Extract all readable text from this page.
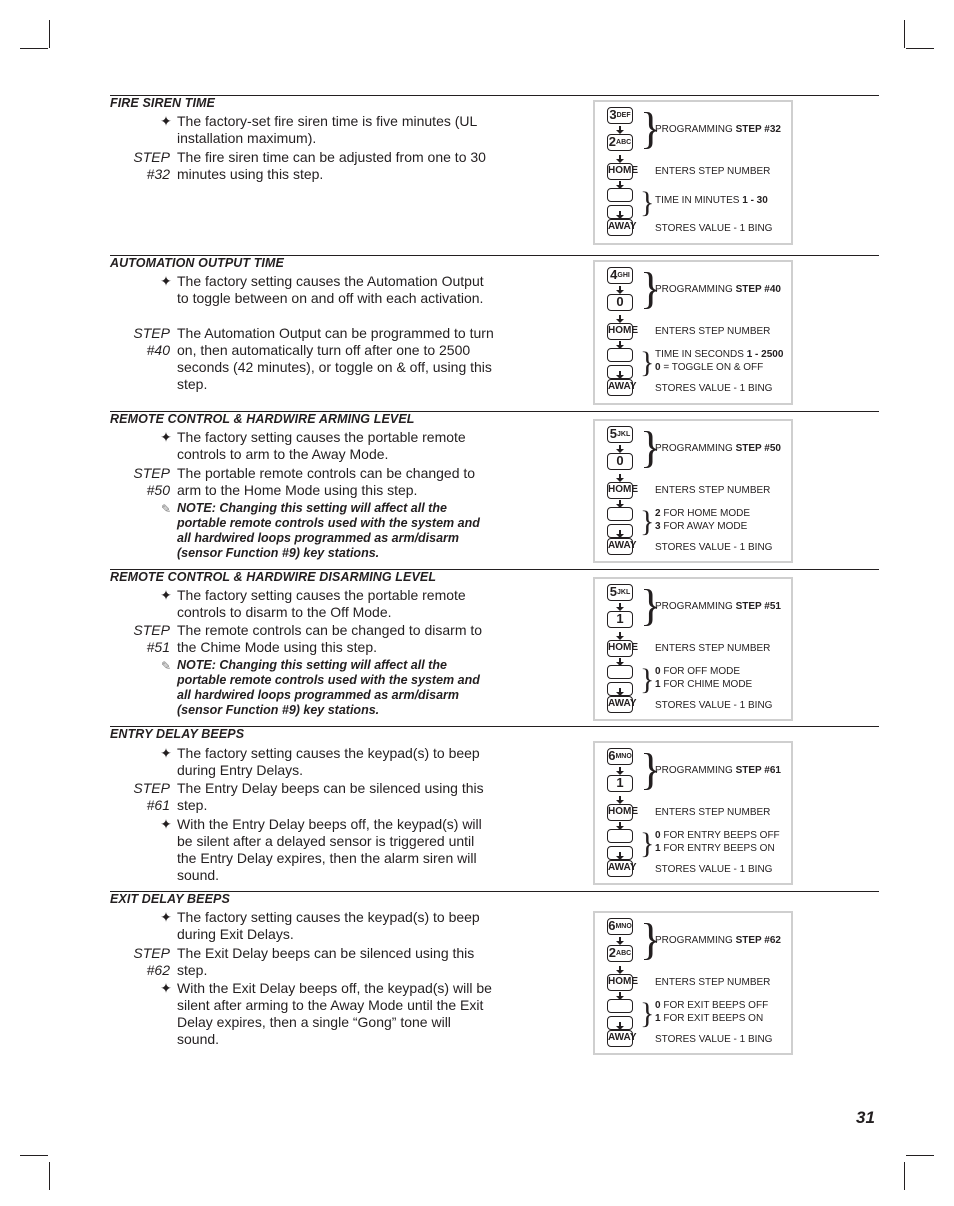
FIRE SIREN TIME
✦ The factory-set fire siren time is five minutes (UL installation maximum).
STEP #32
The fire siren time can be adjusted from one to 30 minutes using this step.
$3^{DEF}$
$2^{ABC}$
HOME
AWAY
}
}
PROGRAMMING STEP #32
ENTERS STEP NUMBER
TIME IN MINUTES 1 - 30
STORES VALUE - 1 BING
AUTOMATION OUTPUT TIME
✦ The factory setting causes the Automation Output to toggle between on and off with each activation.
STEP #40
The Automation Output can be programmed to turn on, then automatically turn off after one to 2500 seconds (42 minutes), or toggle on & off, using this step.
$4^{GHI}$
0
HOME
AWAY
}
}
PROGRAMMING STEP #40
ENTERS STEP NUMBER
TIME IN SECONDS 1 - 2500
0 = TOGGLE ON & OFF
STORES VALUE - 1 BING
REMOTE CONTROL & HARDWIRE ARMING LEVEL
✦ The factory setting causes the portable remote controls to arm to the Away Mode.
STEP #50
The portable remote controls can be changed to arm to the Home Mode using this step.
✎ NOTE: Changing this setting will affect all the portable remote controls used with the system and all hardwired loops programmed as arm/disarm (sensor Function #9) key stations.
$5^{JKL}$
0
HOME
AWAY
}
}
PROGRAMMING STEP #50
ENTERS STEP NUMBER
2 FOR HOME MODE
3 FOR AWAY MODE
STORES VALUE - 1 BING
REMOTE CONTROL & HARDWIRE DISARMING LEVEL
✦ The factory setting causes the portable remote controls to disarm to the Off Mode.
STEP #51
The remote controls can be changed to disarm to the Chime Mode using this step.
✎ NOTE: Changing this setting will affect all the portable remote controls used with the system and all hardwired loops programmed as arm/disarm (sensor Function #9) key stations.
$5^{JKL}$
1
HOME
AWAY
}
}
PROGRAMMING STEP #51
ENTERS STEP NUMBER
0 FOR OFF MODE
1 FOR CHIME MODE
STORES VALUE - 1 BING
ENTRY DELAY BEEPS
✦ The factory setting causes the keypad(s) to beep during Entry Delays.
STEP #61
The Entry Delay beeps can be silenced using this step.
✦ With the Entry Delay beeps off, the keypad(s) will be silent after a delayed sensor is triggered until the Entry Delay expires, then the alarm siren will sound.
$6^{MNO}$
1
HOME
AWAY
}
}
PROGRAMMING STEP #61
ENTERS STEP NUMBER
0 FOR ENTRY BEEPS OFF
1 FOR ENTRY BEEPS ON
STORES VALUE - 1 BING
EXIT DELAY BEEPS
✦ The factory setting causes the keypad(s) to beep during Exit Delays.
STEP #62
The Exit Delay beeps can be silenced using this step.
✦ With the Exit Delay beeps off, the keypad(s) will be silent after arming to the Away Mode until the Exit Delay expires, then a single “Gong” tone will sound.
$6^{MNO}$
$2^{ABC}$
HOME
AWAY
}
}
PROGRAMMING STEP #62
ENTERS STEP NUMBER
0 FOR EXIT BEEPS OFF
1 FOR EXIT BEEPS ON
STORES VALUE - 1 BING
31
